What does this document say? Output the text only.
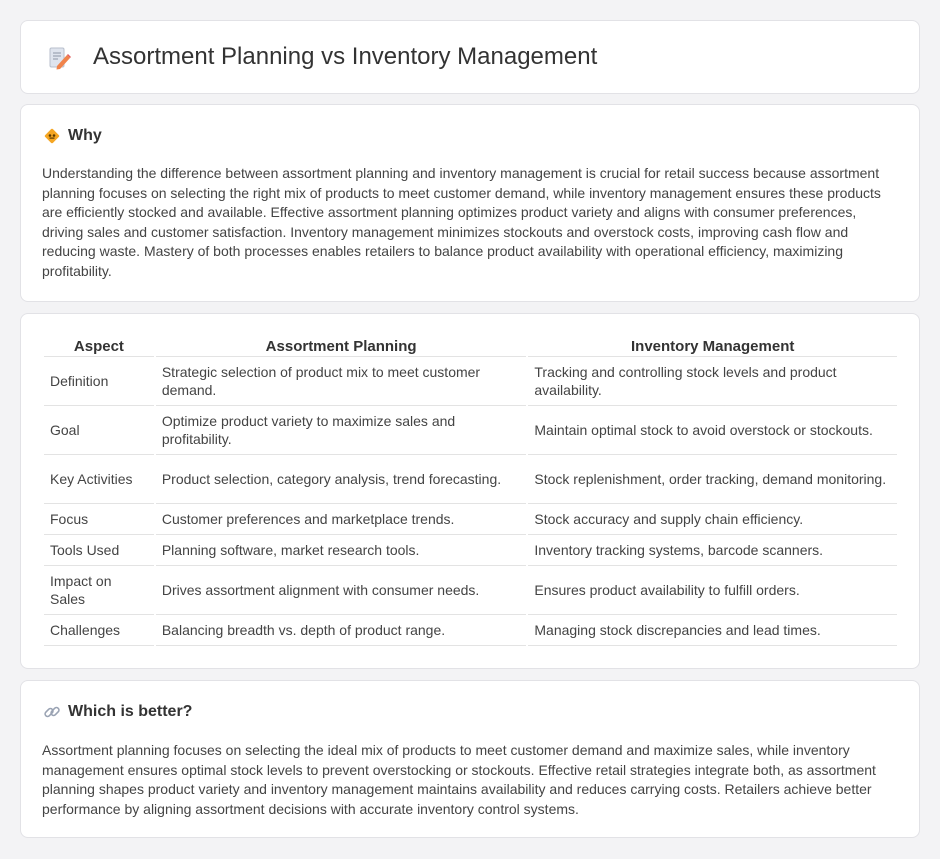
Assortment Planning vs Inventory Management
Why

Understanding the difference between assortment planning and inventory management is crucial for retail success because assortment planning focuses on selecting the right mix of products to meet customer demand, while inventory management ensures these products are efficiently stocked and available. Effective assortment planning optimizes product variety and aligns with consumer preferences, driving sales and customer satisfaction. Inventory management minimizes stockouts and overstock costs, improving cash flow and reducing waste. Mastery of both processes enables retailers to balance product availability with operational efficiency, maximizing profitability.

Aspect	Assortment Planning	Inventory Management
Definition	Strategic selection of product mix to meet customer demand.	Tracking and controlling stock levels and product availability.
Goal	Optimize product variety to maximize sales and profitability.	Maintain optimal stock to avoid overstock or stockouts.
Key Activities	Product selection, category analysis, trend forecasting.	Stock replenishment, order tracking, demand monitoring.
Focus	Customer preferences and marketplace trends.	Stock accuracy and supply chain efficiency.
Tools Used	Planning software, market research tools.	Inventory tracking systems, barcode scanners.
Impact on Sales	Drives assortment alignment with consumer needs.	Ensures product availability to fulfill orders.
Challenges	Balancing breadth vs. depth of product range.	Managing stock discrepancies and lead times.
Which is better?

Assortment planning focuses on selecting the ideal mix of products to meet customer demand and maximize sales, while inventory management ensures optimal stock levels to prevent overstocking or stockouts. Effective retail strategies integrate both, as assortment planning shapes product variety and inventory management maintains availability and reduces carrying costs. Retailers achieve better performance by aligning assortment decisions with accurate inventory control systems.
